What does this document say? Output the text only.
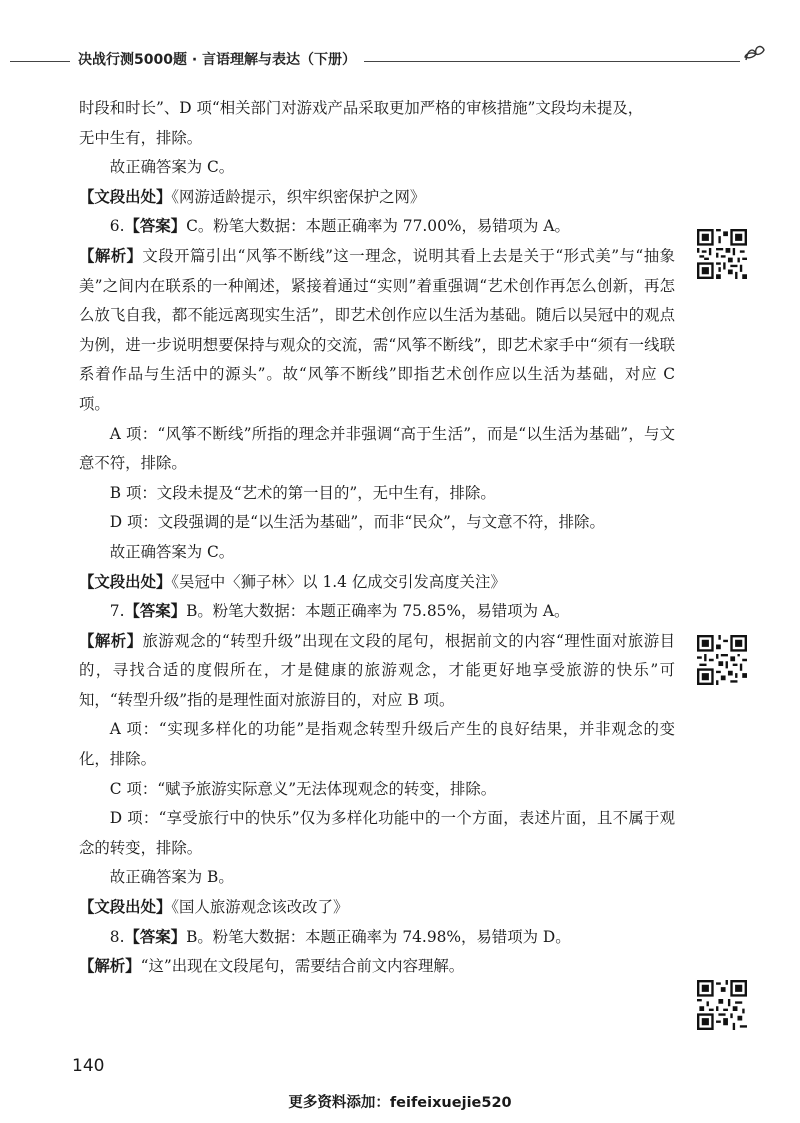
决战行测5000题 · 言语理解与表达（下册）

时段和时长”、D 项“相关部门对游戏产品采取更加严格的审核措施”文段均未提及，
无中生有，排除。

故正确答案为 C。

【文段出处】《网游适龄提示，织牢织密保护之网》

6.【答案】C。粉笔大数据：本题正确率为 77.00%，易错项为 A。

【解析】文段开篇引出“风筝不断线”这一理念，说明其看上去是关于“形式美”与“抽象美”之间内在联系的一种阐述，紧接着通过“实则”着重强调“艺术创作再怎么创新，再怎么放飞自我，都不能远离现实生活”，即艺术创作应以生活为基础。随后以吴冠中的观点为例，进一步说明想要保持与观众的交流，需“风筝不断线”，即艺术家手中“须有一线联系着作品与生活中的源头”。故“风筝不断线”即指艺术创作应以生活为基础，对应 C 项。

A 项：“风筝不断线”所指的理念并非强调“高于生活”，而是“以生活为基础”，与文意不符，排除。

B 项：文段未提及“艺术的第一目的”，无中生有，排除。

D 项：文段强调的是“以生活为基础”，而非“民众”，与文意不符，排除。

故正确答案为 C。

【文段出处】《吴冠中〈狮子林〉以 1.4 亿成交引发高度关注》

7.【答案】B。粉笔大数据：本题正确率为 75.85%，易错项为 A。

【解析】旅游观念的“转型升级”出现在文段的尾句，根据前文的内容“理性面对旅游目的，寻找合适的度假所在，才是健康的旅游观念，才能更好地享受旅游的快乐”可知，“转型升级”指的是理性面对旅游目的，对应 B 项。

A 项：“实现多样化的功能”是指观念转型升级后产生的良好结果，并非观念的变化，排除。

C 项：“赋予旅游实际意义”无法体现观念的转变，排除。

D 项：“享受旅行中的快乐”仅为多样化功能中的一个方面，表述片面，且不属于观念的转变，排除。

故正确答案为 B。

【文段出处】《国人旅游观念该改改了》

8.【答案】B。粉笔大数据：本题正确率为 74.98%，易错项为 D。

【解析】“这”出现在文段尾句，需要结合前文内容理解。

140
更多资料添加：feifeixuejie520
